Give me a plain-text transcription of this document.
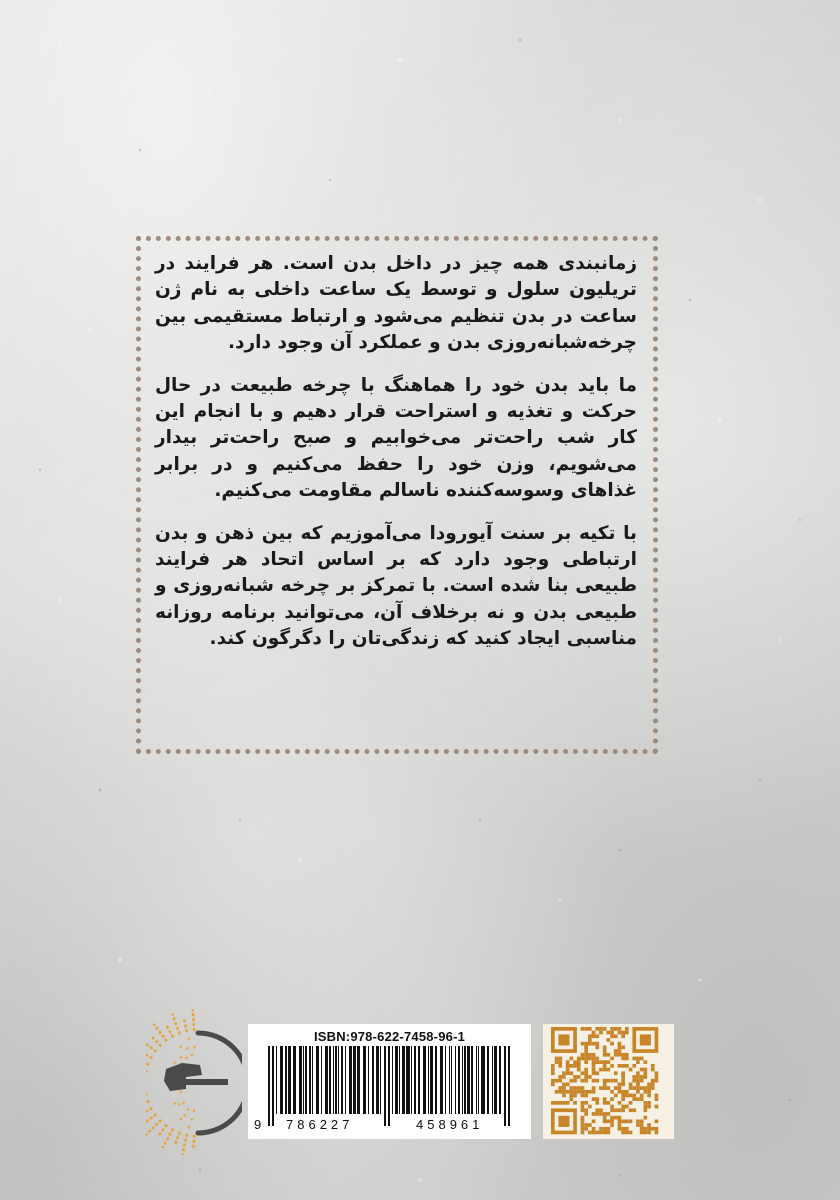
زمانبندی همه چیز در داخل بدن است. هر فرایند در تریلیون سلول و توسط یک ساعت داخلی به نام ژن ساعت در بدن تنظیم می‌شود و ارتباط مستقیمی بین چرخه‌شبانه‌روزی بدن و عملکرد آن وجود دارد.

ما باید بدن خود را هماهنگ با چرخه طبیعت در حال حرکت و تغذیه و استراحت قرار دهیم و با انجام این کار شب راحت‌تر می‌خوابیم و صبح راحت‌تر بیدار می‌شویم، وزن خود را حفظ می‌کنیم و در برابر غذاهای وسوسه‌کننده ناسالم مقاومت می‌کنیم.

با تکیه بر سنت آیورودا می‌آموزیم که بین ذهن و بدن ارتباطی وجود دارد که بر اساس اتحاد هر فرایند طبیعی بنا شده است. با تمرکز بر چرخه شبانه‌روزی و طبیعی بدن و نه برخلاف آن، می‌توانید برنامه روزانه مناسبی ایجاد کنید که زندگی‌تان را دگرگون کند.

ISBN:978-622-7458-96-1
9 786227	458961
